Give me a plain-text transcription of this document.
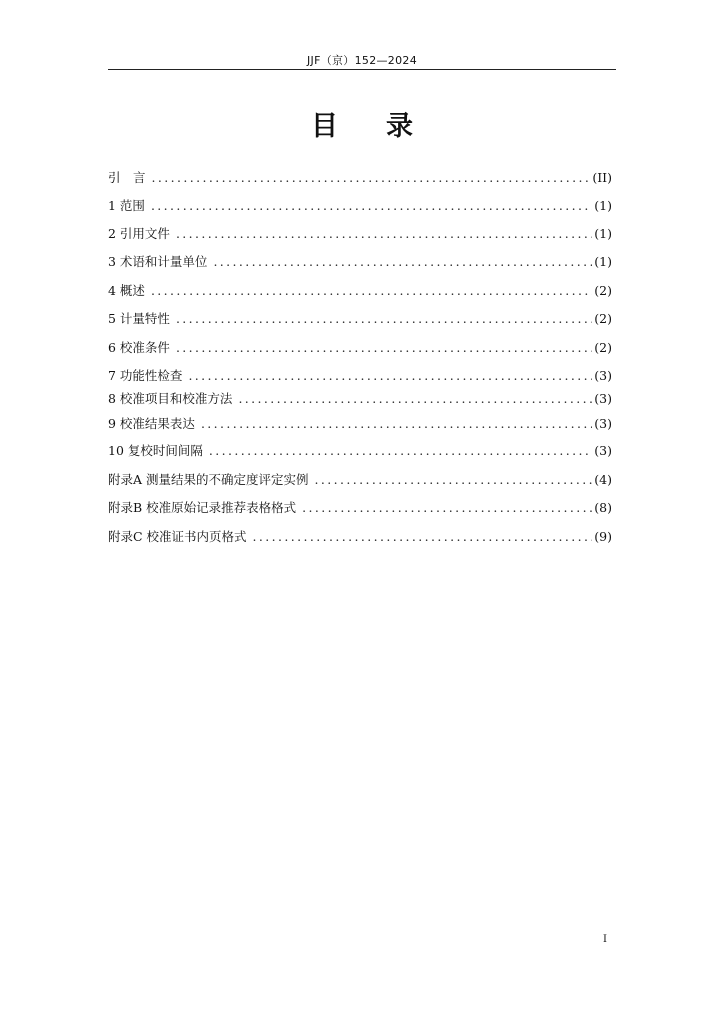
JJF（京）152—2024
目录
引　言 .....	(II)
1 范围 .....	(1)
2 引用文件 .....	(1)
3 术语和计量单位 .....	(1)
4 概述 .....	(2)
5 计量特性 .....	(2)
6 校准条件 .....	(2)
7 功能性检查 .....	(3)
8 校准项目和校准方法 .....	(3)
9 校准结果表达 .....	(3)
10 复校时间间隔 .....	(3)
附录A 测量结果的不确定度评定实例 .....	(4)
附录B 校准原始记录推荐表格格式 .....	(8)
附录C 校准证书内页格式 .....	(9)
I
